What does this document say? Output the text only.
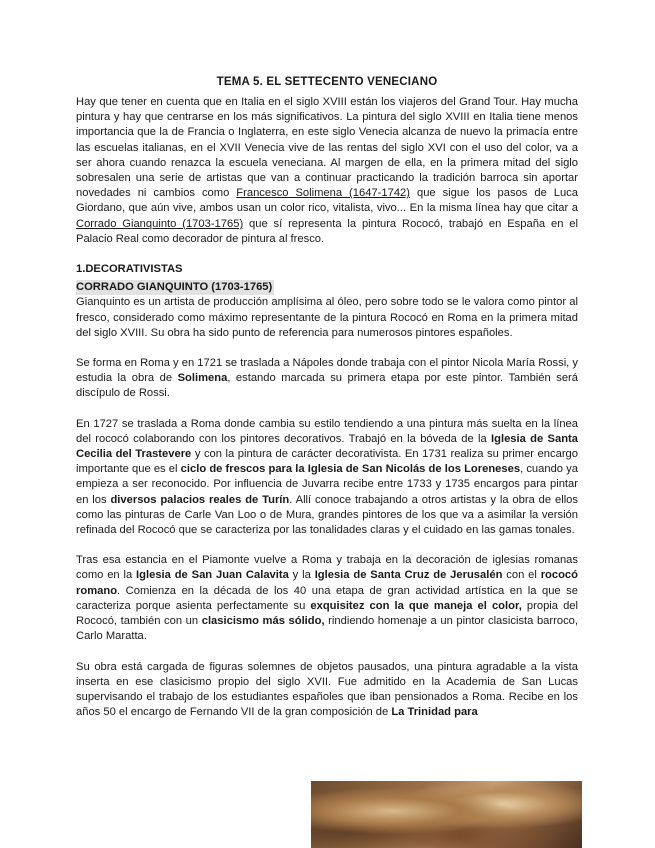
TEMA 5. EL SETTECENTO VENECIANO

Hay que tener en cuenta que en Italia en el siglo XVIII están los viajeros del Grand Tour. Hay mucha pintura y hay que centrarse en los más significativos. La pintura del siglo XVIII en Italia tiene menos importancia que la de Francia o Inglaterra, en este siglo Venecia alcanza de nuevo la primacía entre las escuelas italianas, en el XVII Venecia vive de las rentas del siglo XVI con el uso del color, va a ser ahora cuando renazca la escuela veneciana. Al margen de ella, en la primera mitad del siglo sobresalen una serie de artistas que van a continuar practicando la tradición barroca sin aportar novedades ni cambios como Francesco Solimena (1647-1742) que sigue los pasos de Luca Giordano, que aún vive, ambos usan un color rico, vitalista, vivo... En la misma línea hay que citar a Corrado Gianquinto (1703-1765) que sí representa la pintura Rococó, trabajó en España en el Palacio Real como decorador de pintura al fresco.

1.DECORATIVISTAS
CORRADO GIANQUINTO (1703-1765)

Gianquinto es un artista de producción amplísima al óleo, pero sobre todo se le valora como pintor al fresco, considerado como máximo representante de la pintura Rococó en Roma en la primera mitad del siglo XVIII. Su obra ha sido punto de referencia para numerosos pintores españoles.

Se forma en Roma y en 1721 se traslada a Nápoles donde trabaja con el pintor Nicola María Rossi, y estudia la obra de Solimena, estando marcada su primera etapa por este pintor. También será discípulo de Rossi.

En 1727 se traslada a Roma donde cambia su estilo tendiendo a una pintura más suelta en la línea del rococó colaborando con los pintores decorativos. Trabajó en la bóveda de la Iglesia de Santa Cecilia del Trastevere y con la pintura de carácter decorativista. En 1731 realiza su primer encargo importante que es el ciclo de frescos para la Iglesia de San Nicolás de los Loreneses, cuando ya empieza a ser reconocido. Por influencia de Juvarra recibe entre 1733 y 1735 encargos para pintar en los diversos palacios reales de Turín. Allí conoce trabajando a otros artistas y la obra de ellos como las pinturas de Carle Van Loo o de Mura, grandes pintores de los que va a asimilar la versión refinada del Rococó que se caracteriza por las tonalidades claras y el cuidado en las gamas tonales.

Tras esa estancia en el Piamonte vuelve a Roma y trabaja en la decoración de iglesias romanas como en la Iglesia de San Juan Calavita y la Iglesia de Santa Cruz de Jerusalén con el rococó romano. Comienza en la década de los 40 una etapa de gran actividad artística en la que se caracteriza porque asienta perfectamente su exquisitez con la que maneja el color, propia del Rococó, también con un clasicismo más sólido, rindiendo homenaje a un pintor clasicista barroco, Carlo Maratta.

Su obra está cargada de figuras solemnes de objetos pausados, una pintura agradable a la vista inserta en ese clasicismo propio del siglo XVII. Fue admitido en la Academia de San Lucas supervisando el trabajo de los estudiantes españoles que iban pensionados a Roma. Recibe en los años 50 el encargo de Fernando VII de la gran composición de La Trinidad para
